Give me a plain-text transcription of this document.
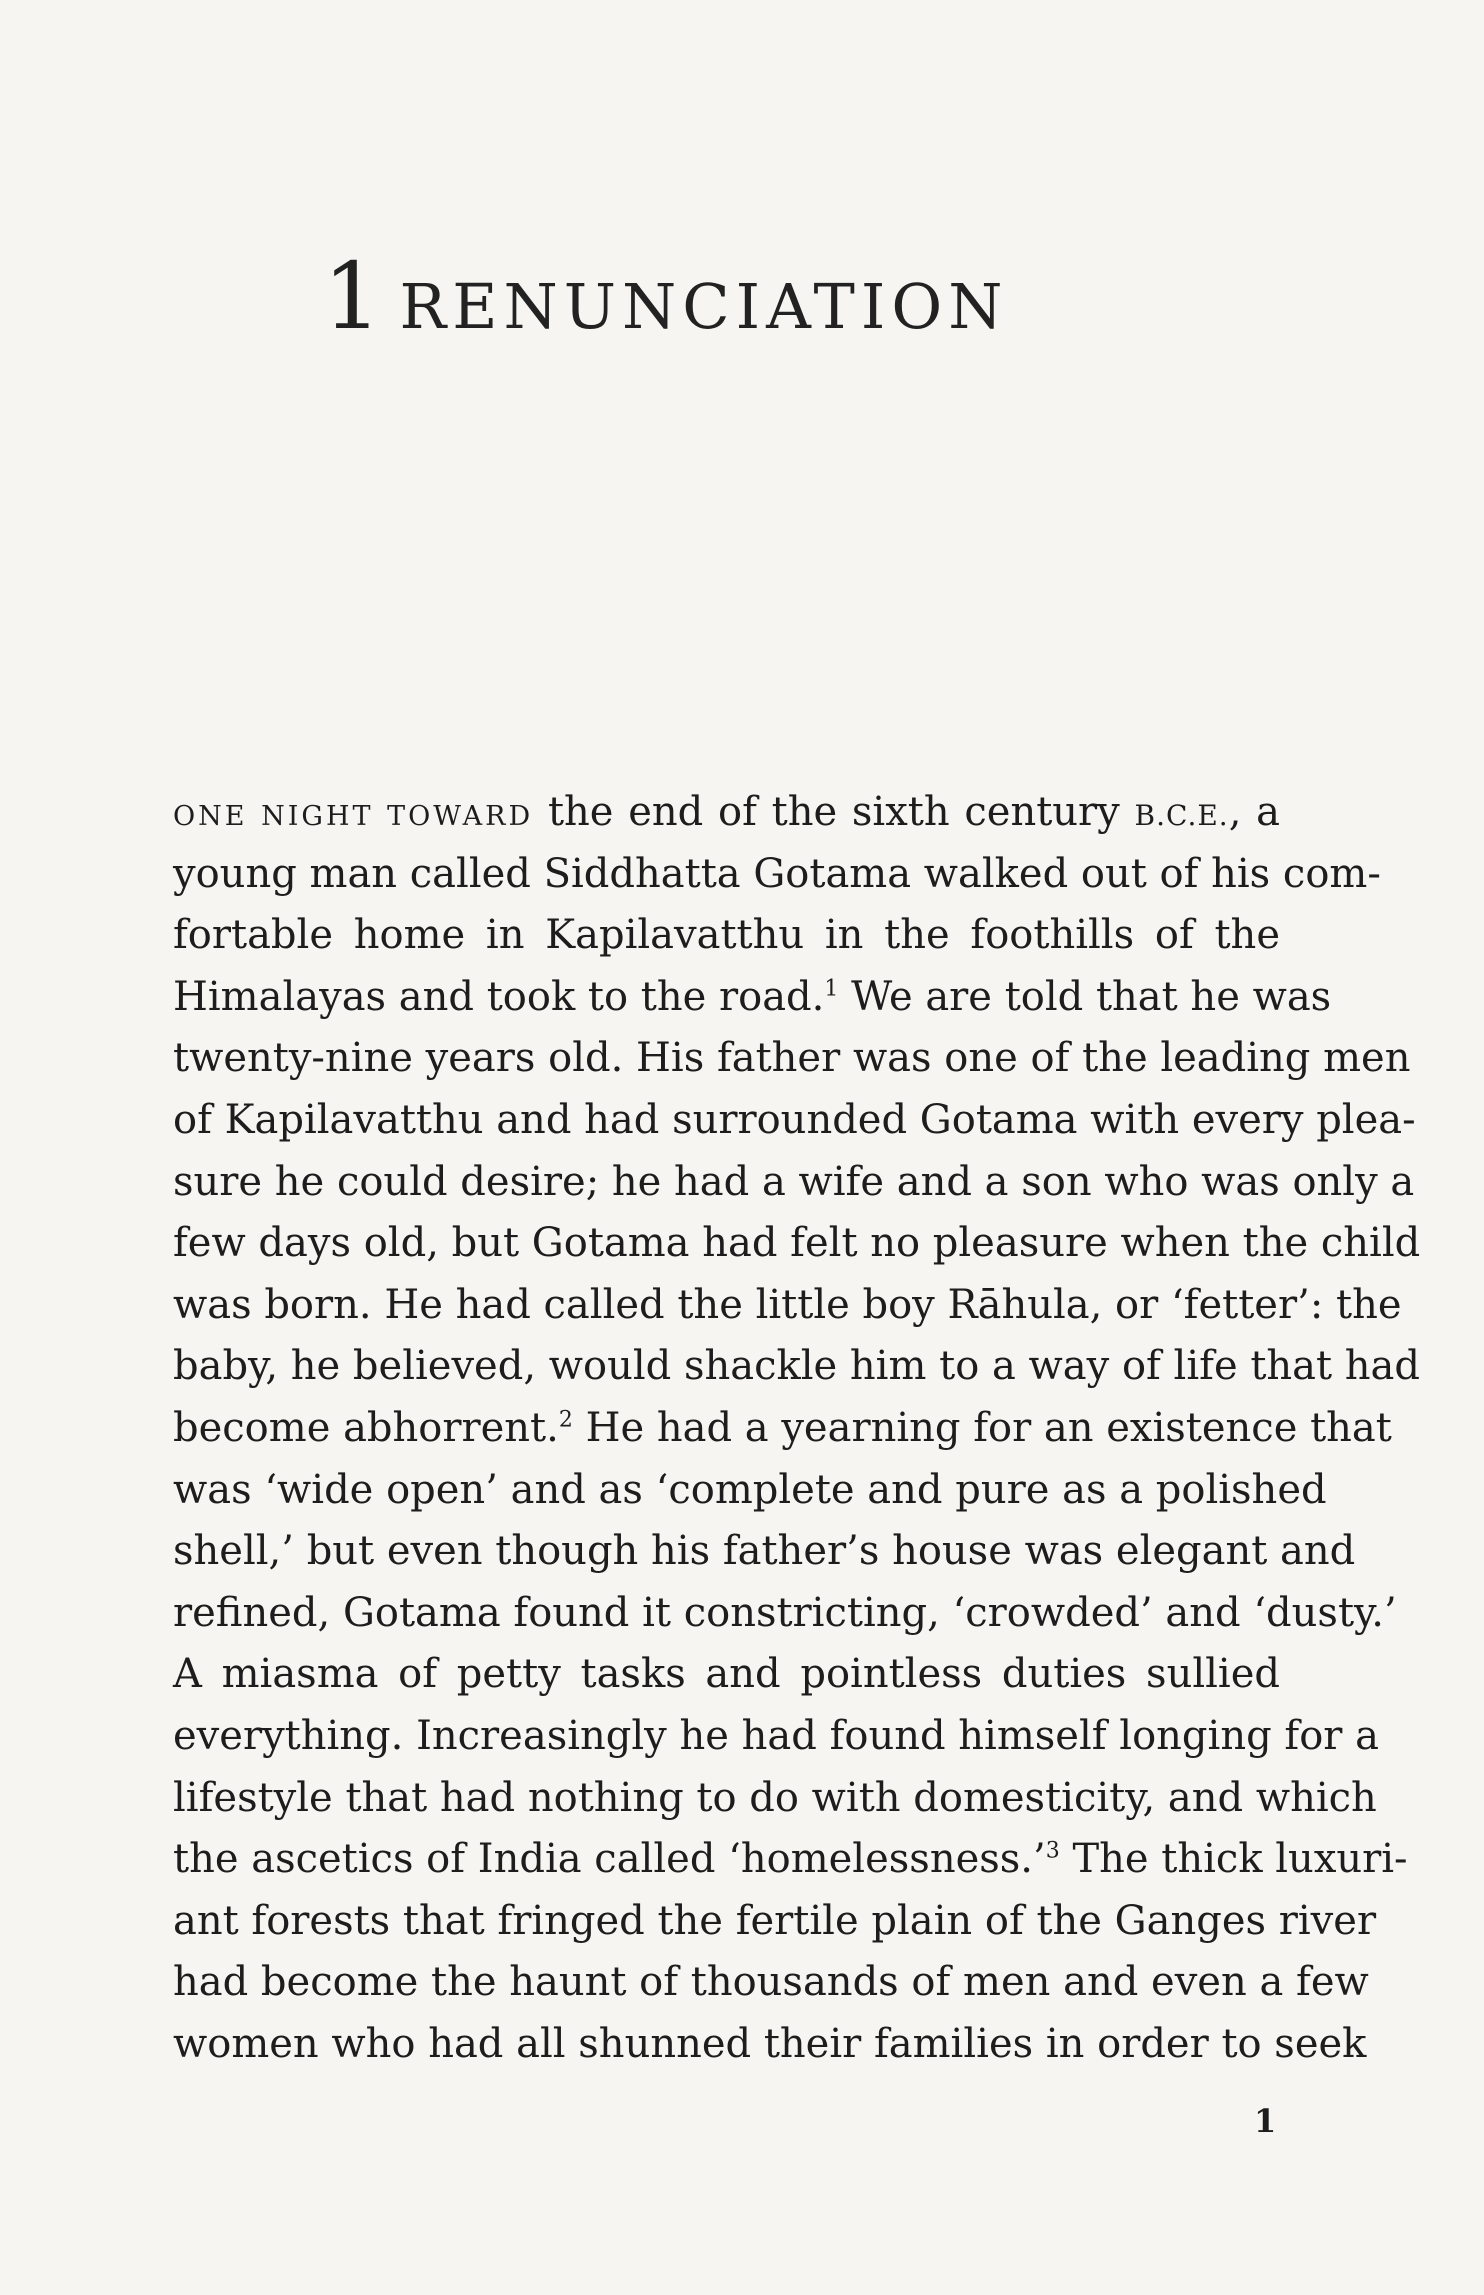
1 RENUNCIATION
ONE NIGHT TOWARD the end of the sixth century B.C.E., a
young man called Siddhatta Gotama walked out of his com-
fortable home in Kapilavatthu in the foothills of the
Himalayas and took to the road.$^1$ We are told that he was
twenty-nine years old. His father was one of the leading men
of Kapilavatthu and had surrounded Gotama with every plea-
sure he could desire; he had a wife and a son who was only a
few days old, but Gotama had felt no pleasure when the child
was born. He had called the little boy Rāhula, or ‘fetter’: the
baby, he believed, would shackle him to a way of life that had
become abhorrent.$^2$ He had a yearning for an existence that
was ‘wide open’ and as ‘complete and pure as a polished
shell,’ but even though his father’s house was elegant and
refined, Gotama found it constricting, ‘crowded’ and ‘dusty.’
A miasma of petty tasks and pointless duties sullied
everything. Increasingly he had found himself longing for a
lifestyle that had nothing to do with domesticity, and which
the ascetics of India called ‘homelessness.’$^3$ The thick luxuri-
ant forests that fringed the fertile plain of the Ganges river
had become the haunt of thousands of men and even a few
women who had all shunned their families in order to seek
1
